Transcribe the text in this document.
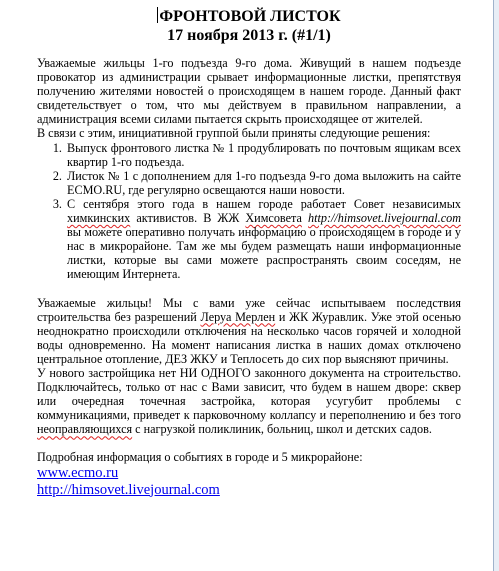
ФРОНТОВОЙ ЛИСТОК
17 ноября 2013 г. (#1/1)

Уважаемые жильцы 1-го подъезда 9-го дома. Живущий в нашем подъезде провокатор из администрации срывает информационные листки, препятствуя получению жителями новостей о происходящем в нашем городе. Данный факт свидетельствует о том, что мы действуем в правильном направлении, а администрация всеми силами пытается скрыть происходящее от жителей.

В связи с этим, инициативной группой были приняты следующие решения:

1. Выпуск фронтового листка № 1 продублировать по почтовым ящикам всех квартир 1-го подъезда.
2. Листок № 1 с дополнением для 1-го подъезда 9-го дома выложить на сайте ECMO.RU, где регулярно освещаются наши новости.
3. С сентября этого года в нашем городе работает Совет независимых химкинских активистов. В ЖЖ Химсовета http://himsovet.livejournal.com вы можете оперативно получать информацию о происходящем в городе и у нас в микрорайоне. Там же мы будем размещать наши информационные листки, которые вы сами можете распространять своим соседям, не имеющим Интернета.

Уважаемые жильцы! Мы с вами уже сейчас испытываем последствия строительства без разрешений Леруа Мерлен и ЖК Журавлик. Уже этой осенью неоднократно происходили отключения на несколько часов горячей и холодной воды одновременно. На момент написания листка в наших домах отключено центральное отопление, ДЕЗ ЖКУ и Теплосеть до сих пор выясняют причины.

У нового застройщика нет НИ ОДНОГО законного документа на строительство. Подключайтесь, только от нас с Вами зависит, что будем в нашем дворе: сквер или очередная точечная застройка, которая усугубит проблемы с коммуникациями, приведет к парковочному коллапсу и переполнению и без того неоправляющихся с нагрузкой поликлиник, больниц, школ и детских садов.

Подробная информация о событиях в городе и 5 микрорайоне:
www.ecmo.ru
http://himsovet.livejournal.com
